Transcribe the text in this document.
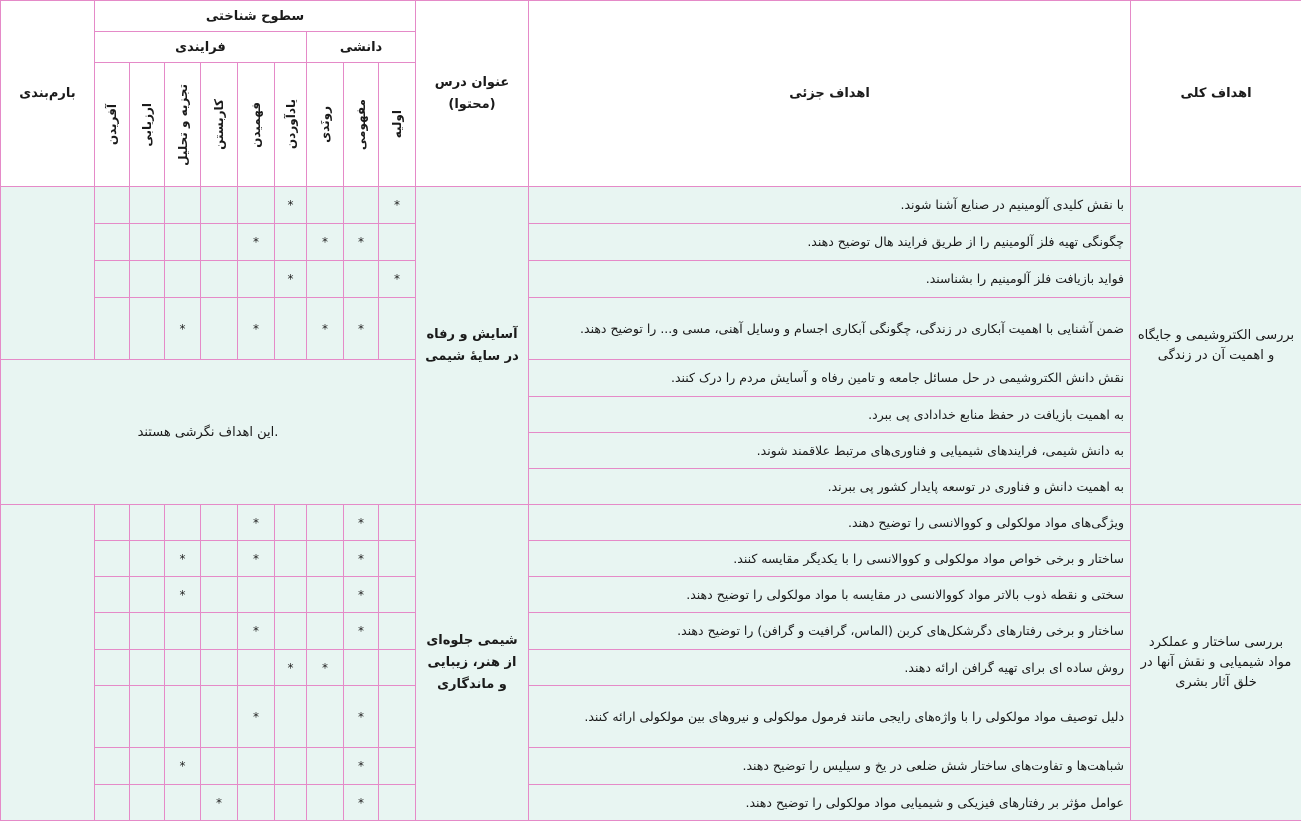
بارم‌بندی	سطوح شناختی									عنوان درس (محتوا)	اهداف جزئی	اهداف کلی
	فرایندی						دانشی					

	آفریدن	ارزیابی	تجزیه و تحلیل	کاربستن	فهمیدن	یادآوردن	رونَدی	مفهومی	اولیه			

						*			*	آسایش و رفاه در سایهٔ شیمی	با نقش کلیدی آلومینیم در صنایع آشنا شوند.	بررسی الکتروشیمی و جایگاه و اهمیت آن در زندگی
					*		*	*			چگونگی تهیه فلز آلومینیم را از طریق فرایند هال توضیح دهند.	
						*			*		فواید بازیافت فلز آلومینیم را بشناسند.	
			*		*		*	*			ضمن آشنایی با اهمیت آبکاری در زندگی، چگونگی آبکاری اجسام و وسایل آهنی، مسی و... را توضیح دهند.	
این اهداف نگرشی هستند.											نقش دانش الکتروشیمی در حل مسائل جامعه و تامین رفاه و آسایش مردم را درک کنند.	
											به اهمیت بازیافت در حفظ منابع خدادادی پی ببرد.	
											به دانش شیمی، فرایندهای شیمیایی و فناوری‌های مرتبط علاقمند شوند.	
											به اهمیت دانش و فناوری در توسعه پایدار کشور پی ببرند.	
					*			*		شیمی جلوه‌ای از هنر، زیبایی و ماندگاری	ویژگی‌های مواد مولکولی و کووالانسی را توضیح دهند.	بررسی ساختار و عملکرد مواد شیمیایی و نقش آنها در خلق آثار بشری
			*		*			*			ساختار و برخی خواص مواد مولکولی و کووالانسی را با یکدیگر مقایسه کنند.	
			*					*			سختی و نقطه ذوب بالاتر مواد کووالانسی در مقایسه با مواد مولکولی را توضیح دهند.	
					*			*			ساختار و برخی رفتارهای دگرشکل‌های کربن (الماس، گرافیت و گرافن) را توضیح دهند.	
						*	*				روش ساده ای برای تهیه گرافن ارائه دهند.	
					*			*			دلیل توصیف مواد مولکولی را با واژه‌های رایجی مانند فرمول مولکولی و نیروهای بین مولکولی ارائه کنند.	
			*					*			شباهت‌ها و تفاوت‌های ساختار شش ضلعی در یخ و سیلیس را توضیح دهند.	
				*				*			عوامل مؤثر بر رفتارهای فیزیکی و شیمیایی مواد مولکولی را توضیح دهند.	
